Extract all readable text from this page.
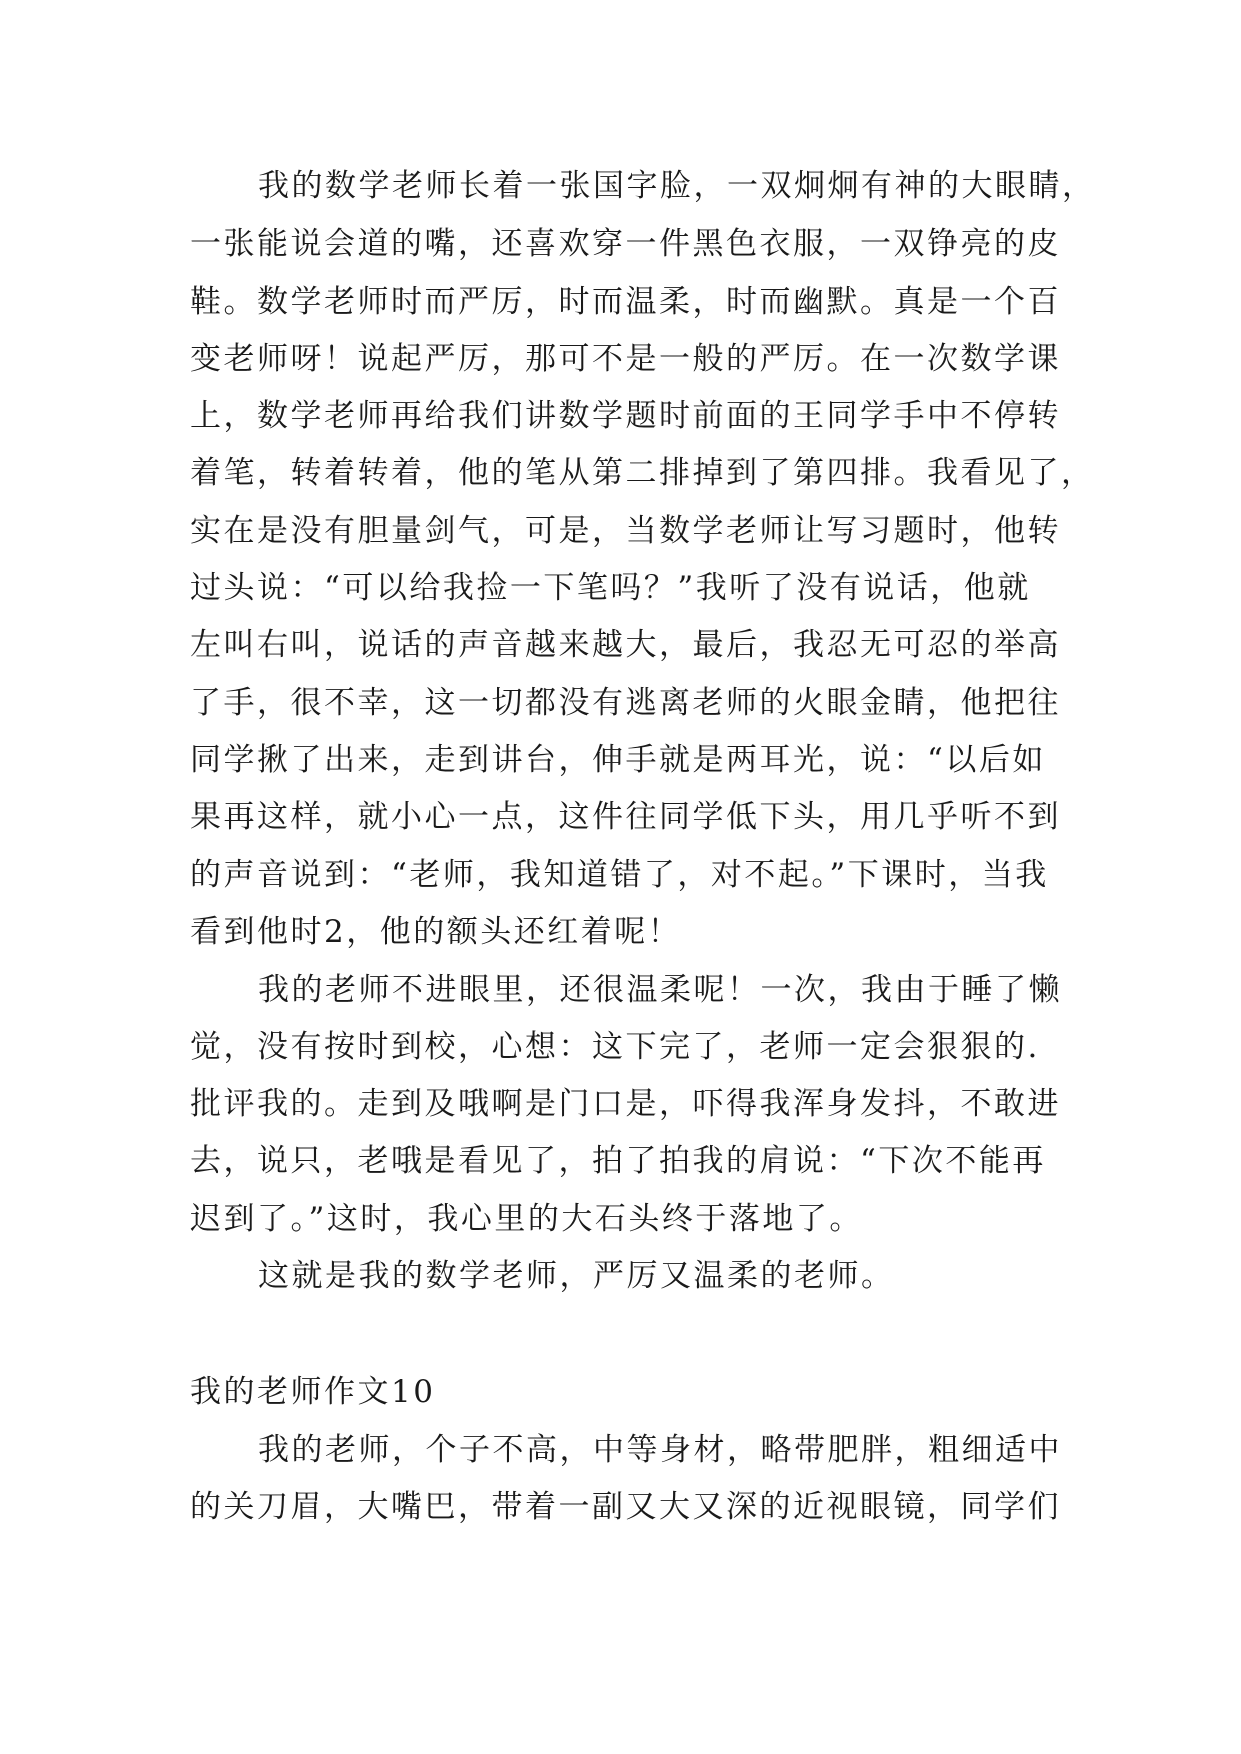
我的数学老师长着一张国字脸，一双炯炯有神的大眼睛，
一张能说会道的嘴，还喜欢穿一件黑色衣服，一双铮亮的皮
鞋。数学老师时而严厉，时而温柔，时而幽默。真是一个百
变老师呀！说起严厉，那可不是一般的严厉。在一次数学课
上，数学老师再给我们讲数学题时前面的王同学手中不停转
着笔，转着转着，他的笔从第二排掉到了第四排。我看见了，
实在是没有胆量剑气，可是，当数学老师让写习题时，他转
过头说：“可以给我捡一下笔吗？”我听了没有说话，他就
左叫右叫，说话的声音越来越大，最后，我忍无可忍的举高
了手，很不幸，这一切都没有逃离老师的火眼金睛，他把往
同学揪了出来，走到讲台，伸手就是两耳光，说：“以后如
果再这样，就小心一点，这件往同学低下头，用几乎听不到
的声音说到：“老师，我知道错了，对不起。”下课时，当我
看到他时2，他的额头还红着呢！
我的老师不进眼里，还很温柔呢！一次，我由于睡了懒
觉，没有按时到校，心想：这下完了，老师一定会狠狠的.
批评我的。走到及哦啊是门口是，吓得我浑身发抖，不敢进
去，说只，老哦是看见了，拍了拍我的肩说：“下次不能再
迟到了。”这时，我心里的大石头终于落地了。
这就是我的数学老师，严厉又温柔的老师。
我的老师作文10
我的老师，个子不高，中等身材，略带肥胖，粗细适中
的关刀眉，大嘴巴，带着一副又大又深的近视眼镜，同学们
